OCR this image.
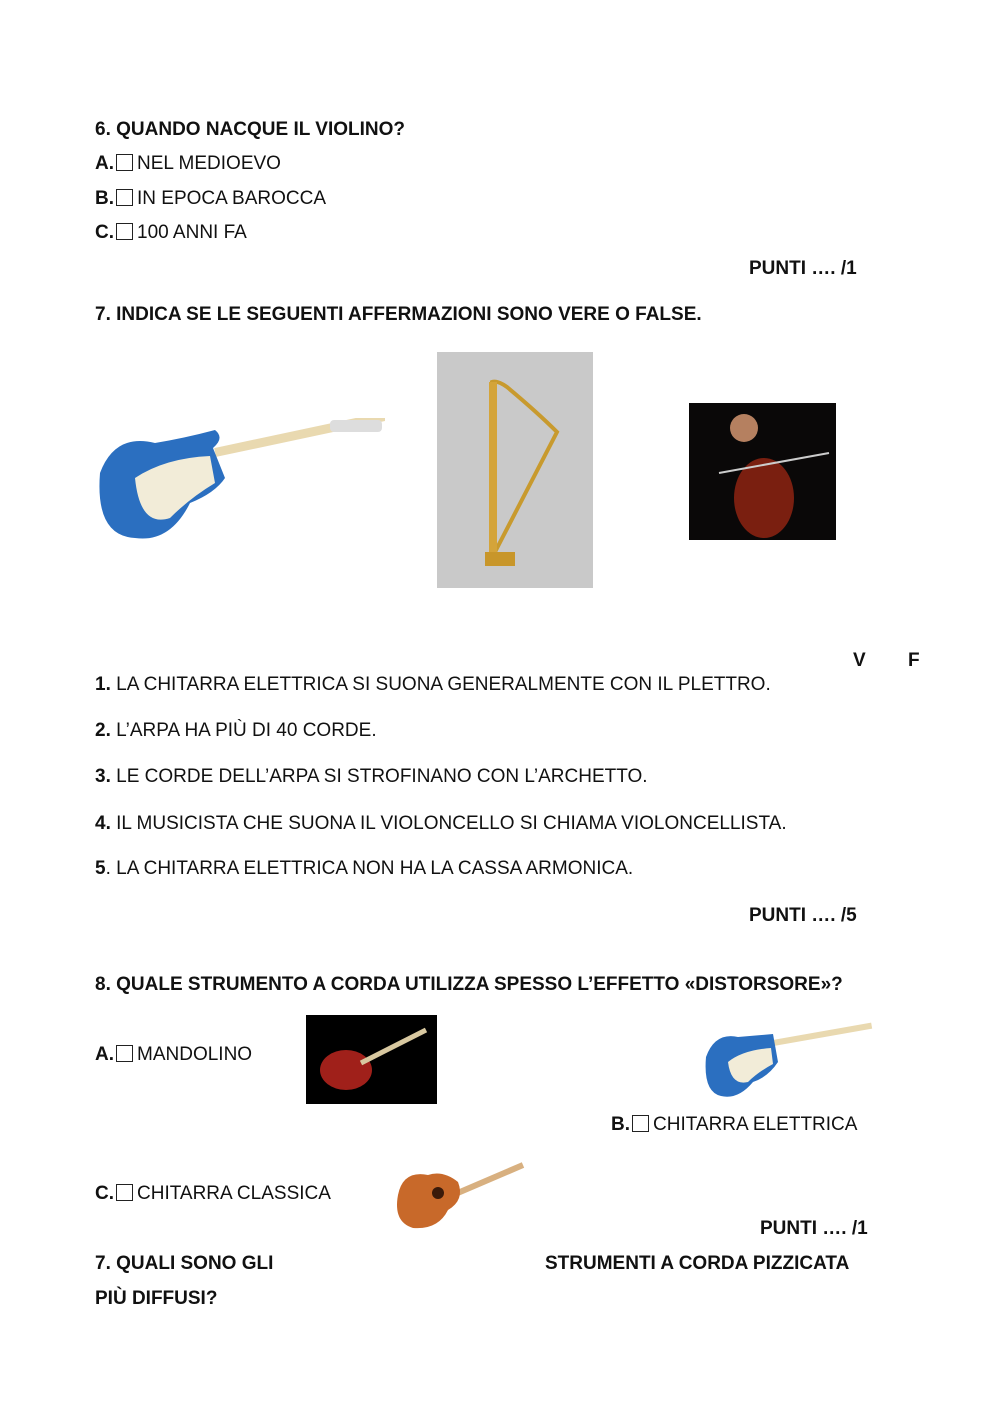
6. QUANDO NACQUE IL VIOLINO?
A. NEL MEDIOEVO
B. IN EPOCA BAROCCA
C. 100 ANNI FA
PUNTI …. /1
7. INDICA SE LE SEGUENTI AFFERMAZIONI SONO VERE O FALSE.
V F
1. LA CHITARRA ELETTRICA SI SUONA GENERALMENTE CON IL PLETTRO.
2. L’ARPA HA PIÙ DI 40 CORDE.
3. LE CORDE DELL’ARPA SI STROFINANO CON L’ARCHETTO.
4. IL MUSICISTA CHE SUONA IL VIOLONCELLO SI CHIAMA VIOLONCELLISTA.
5. LA CHITARRA ELETTRICA NON HA LA CASSA ARMONICA.
PUNTI …. /5
8. QUALE STRUMENTO A CORDA UTILIZZA SPESSO L’EFFETTO «DISTORSORE»?
A. MANDOLINO
B. CHITARRA ELETTRICA
C. CHITARRA CLASSICA
PUNTI …. /1
7. QUALI SONO GLI	STRUMENTI A CORDA PIZZICATA
PIÙ DIFFUSI?
